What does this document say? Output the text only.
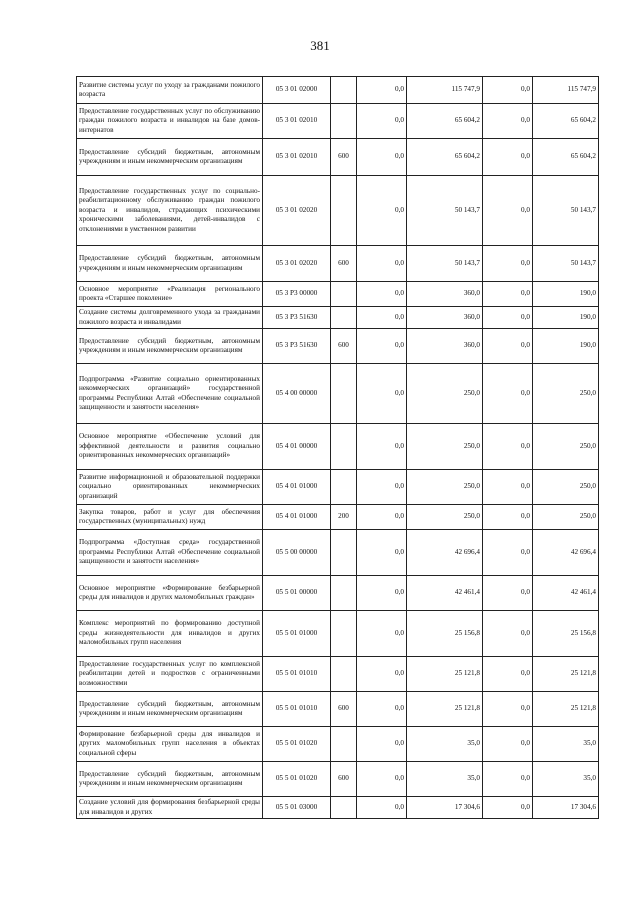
381
Развитие системы услуг по уходу за гражданами пожилого возраста	05 3 01 02000		0,0	115 747,9	0,0	115 747,9
Предоставление государственных услуг по обслуживанию граждан пожилого возраста и инвалидов на базе домов-интернатов	05 3 01 02010		0,0	65 604,2	0,0	65 604,2
Предоставление субсидий бюджетным, автономным учреждениям и иным некоммерческим организациям	05 3 01 02010	600	0,0	65 604,2	0,0	65 604,2
Предоставление государственных услуг по социально-реабилитационному обслуживанию граждан пожилого возраста и инвалидов, страдающих психическими хроническими заболеваниями, детей-инвалидов с отклонениями в умственном развитии	05 3 01 02020		0,0	50 143,7	0,0	50 143,7
Предоставление субсидий бюджетным, автономным учреждениям и иным некоммерческим организациям	05 3 01 02020	600	0,0	50 143,7	0,0	50 143,7
Основное мероприятие «Реализация регионального проекта «Старшее поколение»	05 3 P3 00000		0,0	360,0	0,0	190,0
Создание системы долговременного ухода за гражданами пожилого возраста и инвалидами	05 3 P3 51630		0,0	360,0	0,0	190,0
Предоставление субсидий бюджетным, автономным учреждениям и иным некоммерческим организациям	05 3 P3 51630	600	0,0	360,0	0,0	190,0
Подпрограмма «Развитие социально ориентированных некоммерческих организаций» государственной программы Республики Алтай «Обеспечение социальной защищенности и занятости населения»	05 4 00 00000		0,0	250,0	0,0	250,0
Основное мероприятие «Обеспечение условий для эффективной деятельности и развития социально ориентированных некоммерческих организаций»	05 4 01 00000		0,0	250,0	0,0	250,0
Развитие информационной и образовательной поддержки социально ориентированных некоммерческих организаций	05 4 01 01000		0,0	250,0	0,0	250,0
Закупка товаров, работ и услуг для обеспечения государственных (муниципальных) нужд	05 4 01 01000	200	0,0	250,0	0,0	250,0
Подпрограмма «Доступная среда» государственной программы Республики Алтай «Обеспечение социальной защищенности и занятости населения»	05 5 00 00000		0,0	42 696,4	0,0	42 696,4
Основное мероприятие «Формирование безбарьерной среды для инвалидов и других маломобильных граждан»	05 5 01 00000		0,0	42 461,4	0,0	42 461,4
Комплекс мероприятий по формированию доступной среды жизнедеятельности для инвалидов и других маломобильных групп населения	05 5 01 01000		0,0	25 156,8	0,0	25 156,8
Предоставление государственных услуг по комплексной реабилитации детей и подростков с ограниченными возможностями	05 5 01 01010		0,0	25 121,8	0,0	25 121,8
Предоставление субсидий бюджетным, автономным учреждениям и иным некоммерческим организациям	05 5 01 01010	600	0,0	25 121,8	0,0	25 121,8
Формирование безбарьерной среды для инвалидов и других маломобильных групп населения в объектах социальной сферы	05 5 01 01020		0,0	35,0	0,0	35,0
Предоставление субсидий бюджетным, автономным учреждениям и иным некоммерческим организациям	05 5 01 01020	600	0,0	35,0	0,0	35,0
Создание условий для формирования безбарьерной среды для инвалидов и других	05 5 01 03000		0,0	17 304,6	0,0	17 304,6
